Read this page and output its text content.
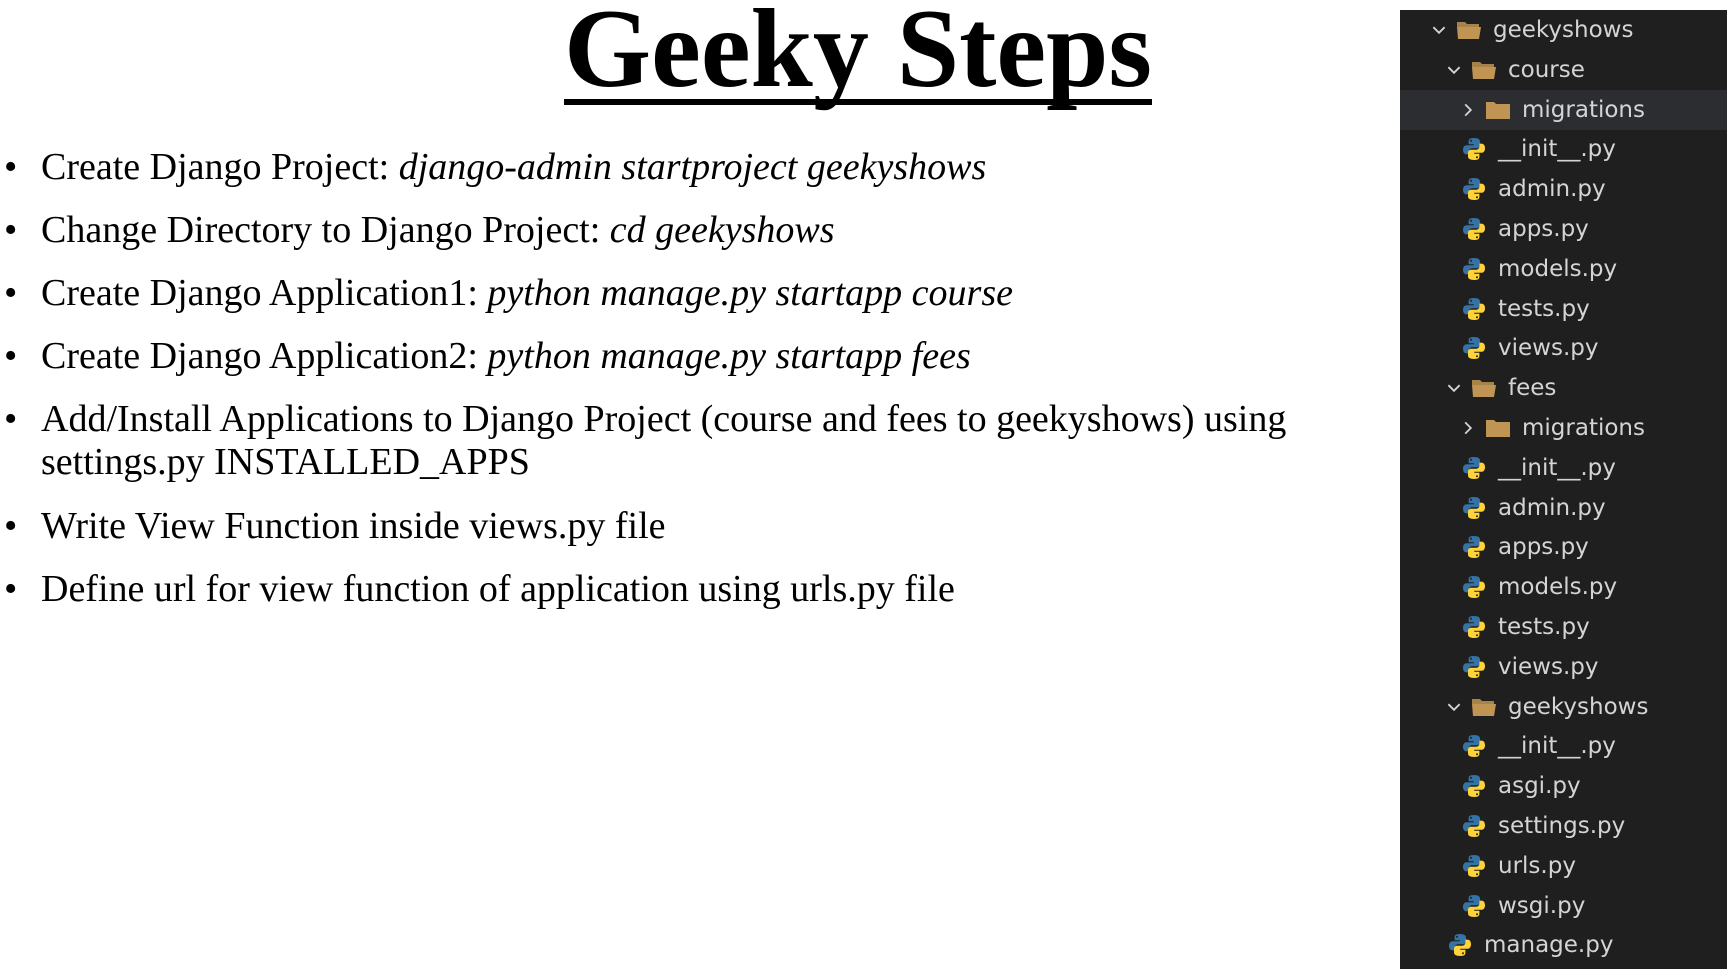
Geeky Steps
• Create Django Project: django-admin startproject geekyshows
• Change Directory to Django Project: cd geekyshows
• Create Django Application1: python manage.py startapp course
• Create Django Application2: python manage.py startapp fees
• Add/Install Applications to Django Project (course and fees to geekyshows) using settings.py INSTALLED_APPS
• Write View Function inside views.py file
• Define url for view function of application using urls.py file
geekyshows
course
migrations
__init__.py
admin.py
apps.py
models.py
tests.py
views.py
fees
migrations
__init__.py
admin.py
apps.py
models.py
tests.py
views.py
geekyshows
__init__.py
asgi.py
settings.py
urls.py
wsgi.py
manage.py
